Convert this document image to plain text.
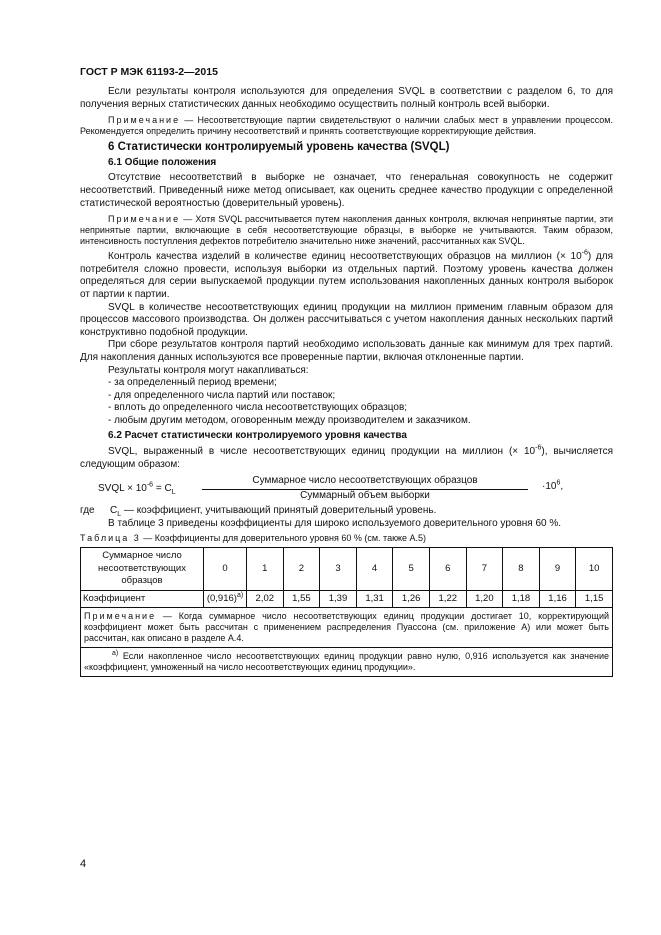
ГОСТ Р МЭК 61193-2—2015

Если результаты контроля используются для определения SVQL в соответствии с разделом 6, то для получения верных статистических данных необходимо осуществить полный контроль всей выборки.

Примечание — Несоответствующие партии свидетельствуют о наличии слабых мест в управлении процессом. Рекомендуется определить причину несоответствий и принять соответствующие корректирующие действия.

6 Статистически контролируемый уровень качества (SVQL)
6.1 Общие положения

Отсутствие несоответствий в выборке не означает, что генеральная совокупность не содержит несоответствий. Приведенный ниже метод описывает, как оценить среднее качество продукции с определенной статистической вероятностью (доверительный уровень).

Примечание — Хотя SVQL рассчитывается путем накопления данных контроля, включая непринятые партии, эти непринятые партии, включающие в себя несоответствующие образцы, в выборке не учитываются. Таким образом, интенсивность поступления дефектов потребителю значительно ниже значений, рассчитанных как SVQL.

Контроль качества изделий в количестве единиц несоответствующих образцов на миллион (× $10^{-6}$) для потребителя сложно провести, используя выборки из отдельных партий. Поэтому уровень качества должен определяться для серии выпускаемой продукции путем использования накопленных данных контроля выборок от партии к партии.

SVQL в количестве несоответствующих единиц продукции на миллион применим главным образом для процессов массового производства. Он должен рассчитываться с учетом накопления данных нескольких партий конструктивно подобной продукции.

При сборе результатов контроля партий необходимо использовать данные как минимум для трех партий. Для накопления данных используются все проверенные партии, включая отклоненные партии.

Результаты контроля могут накапливаться:

- за определенный период времени;
- для определенного числа партий или поставок;
- вплоть до определенного числа несоответствующих образцов;
- любым другим методом, оговоренным между производителем и заказчиком.
6.2 Расчет статистически контролируемого уровня качества

SVQL, выраженный в числе несоответствующих единиц продукции на миллион (× $10^{-6}$), вычисляется следующим образом:

SVQL × $10^{-6} = C_L$
Суммарное число несоответствующих образцов
Суммарный объем выборки
$\cdot 10^6$,
где	$C_L$ — коэффициент, учитывающий принятый доверительный уровень.

В таблице 3 приведены коэффициенты для широко используемого доверительного уровня 60 %.

Таблица 3 — Коэффициенты для доверительного уровня 60 % (см. также А.5)
Суммарное число несоответствующих образцов	0	1	2	3	4	5	6	7	8	9	10
Коэффициент	$(0,916)^{а)}$	2,02	1,55	1,39	1,31	1,26	1,22	1,20	1,18	1,16	1,15
Примечание — Когда суммарное число несоответствующих единиц продукции достигает 10, корректирующий коэффициент может быть рассчитан с применением распределения Пуассона (см. приложение А) или может быть рассчитан, как описано в разделе А.4.											
$^{а)}$ Если накопленное число несоответствующих единиц продукции равно нулю, 0,916 используется как значение «коэффициент, умноженный на число несоответствующих единиц продукции».											
4
